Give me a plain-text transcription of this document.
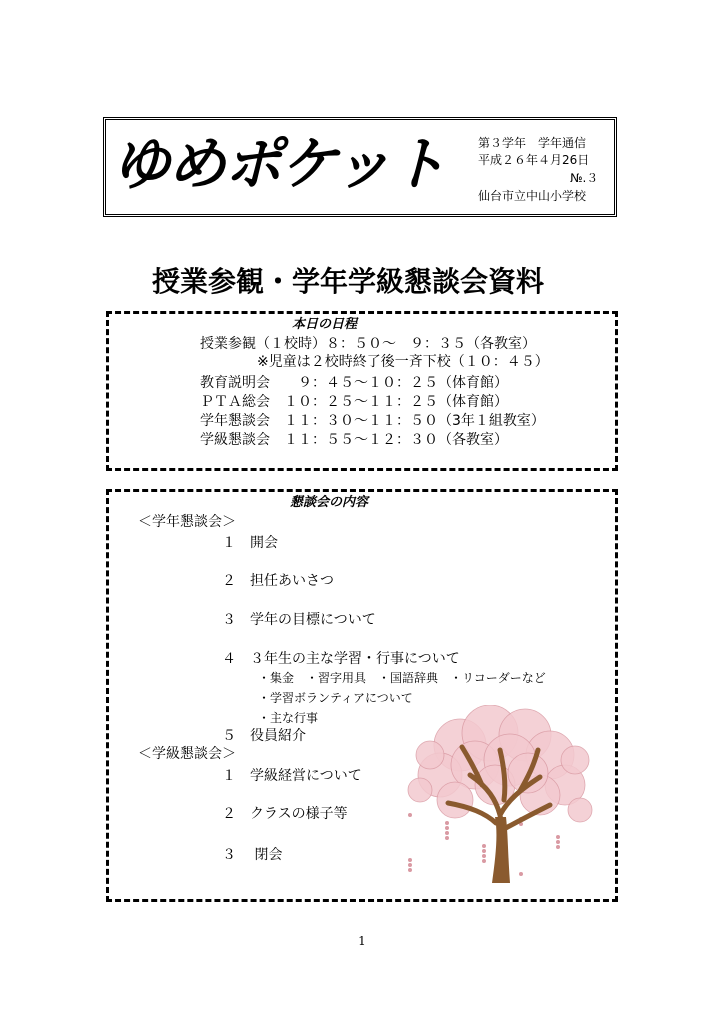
ゆめポケット	第３学年　学年通信
平成２６年４月26日
№.３
仙台市立中山小学校
授業参観・学年学級懇談会資料
本日の日程
授業参観（１校時）８：５０～　９：３５（各教室）
※児童は２校時終了後一斉下校（１０：４５）
教育説明会　　９：４５～１０：２５（体育館）
ＰＴＡ総会　１０：２５～１１：２５（体育館）
学年懇談会　１１：３０～１１：５０（3年１組教室）
学級懇談会　１１：５５～１２：３０（各教室）
懇談会の内容
＜学年懇談会＞
１　開会
２　担任あいさつ
３　学年の目標について
４　３年生の主な学習・行事について
・集金　・習字用具　・国語辞典　・リコーダーなど
・学習ボランティアについて
・主な行事
５　役員紹介
＜学級懇談会＞
１　学級経営について
２　クラスの様子等
３　 閉会
1
